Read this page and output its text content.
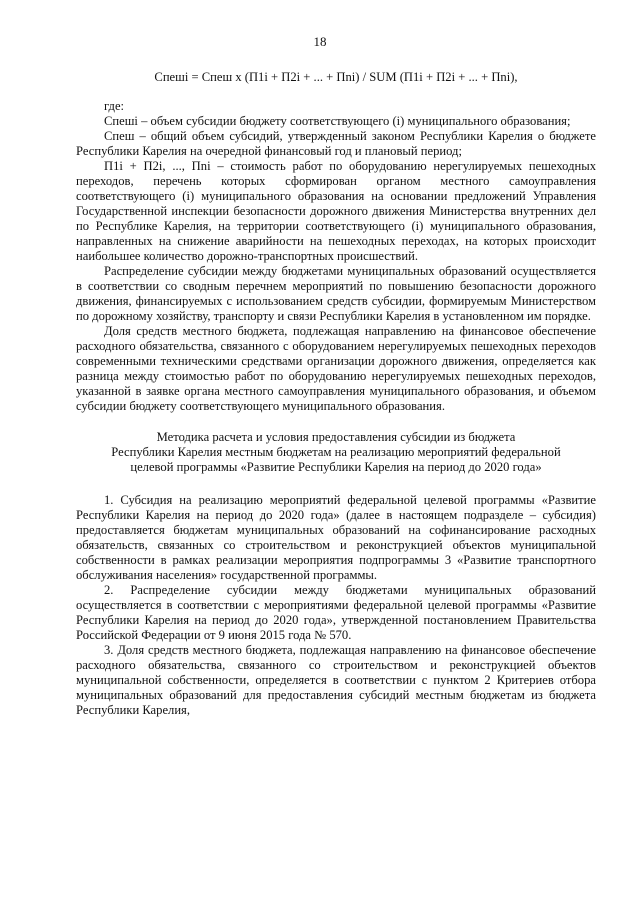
18
Спеші = Спеш х (П1i + П2i + ... + Пni) / SUM (П1i + П2i + ... + Пni),

где:

Спешi – объем субсидии бюджету соответствующего (i) муниципального образования;

Спеш – общий объем субсидий, утвержденный законом Республики Карелия о бюджете Республики Карелия на очередной финансовый год и плановый период;

П1i + П2i, ..., Пni – стоимость работ по оборудованию нерегулируемых пешеходных переходов, перечень которых сформирован органом местного самоуправления соответствующего (i) муниципального образования на основании предложений Управления Государственной инспекции безопасности дорожного движения Министерства внутренних дел по Республике Карелия, на территории соответствующего (i) муниципального образования, направленных на снижение аварийности на пешеходных переходах, на которых происходит наибольшее количество дорожно-транспортных происшествий.

Распределение субсидии между бюджетами муниципальных образований осуществляется в соответствии со сводным перечнем мероприятий по повышению безопасности дорожного движения, финансируемых с использованием средств субсидии, формируемым Министерством по дорожному хозяйству, транспорту и связи Республики Карелия в установленном им порядке.

Доля средств местного бюджета, подлежащая направлению на финансовое обеспечение расходного обязательства, связанного с оборудованием нерегулируемых пешеходных переходов современными техническими средствами организации дорожного движения, определяется как разница между стоимостью работ по оборудованию нерегулируемых пешеходных переходов, указанной в заявке органа местного самоуправления муниципального образования, и объемом субсидии бюджету соответствующего муниципального образования.

Методика расчета и условия предоставления субсидии из бюджета
Республики Карелия местным бюджетам на реализацию мероприятий федеральной
целевой программы «Развитие Республики Карелия на период до 2020 года»

1. Субсидия на реализацию мероприятий федеральной целевой программы «Развитие Республики Карелия на период до 2020 года» (далее в настоящем подразделе – субсидия) предоставляется бюджетам муниципальных образований на софинансирование расходных обязательств, связанных со строительством и реконструкцией объектов муниципальной собственности в рамках реализации мероприятия подпрограммы 3 «Развитие транспортного обслуживания населения» государственной программы.

2. Распределение субсидии между бюджетами муниципальных образований осуществляется в соответствии с мероприятиями федеральной целевой программы «Развитие Республики Карелия на период до 2020 года», утвержденной постановлением Правительства Российской Федерации от 9 июня 2015 года № 570.

3. Доля средств местного бюджета, подлежащая направлению на финансовое обеспечение расходного обязательства, связанного со строительством и реконструкцией объектов муниципальной собственности, определяется в соответствии с пунктом 2 Критериев отбора муниципальных образований для предоставления субсидий местным бюджетам из бюджета Республики Карелия,
